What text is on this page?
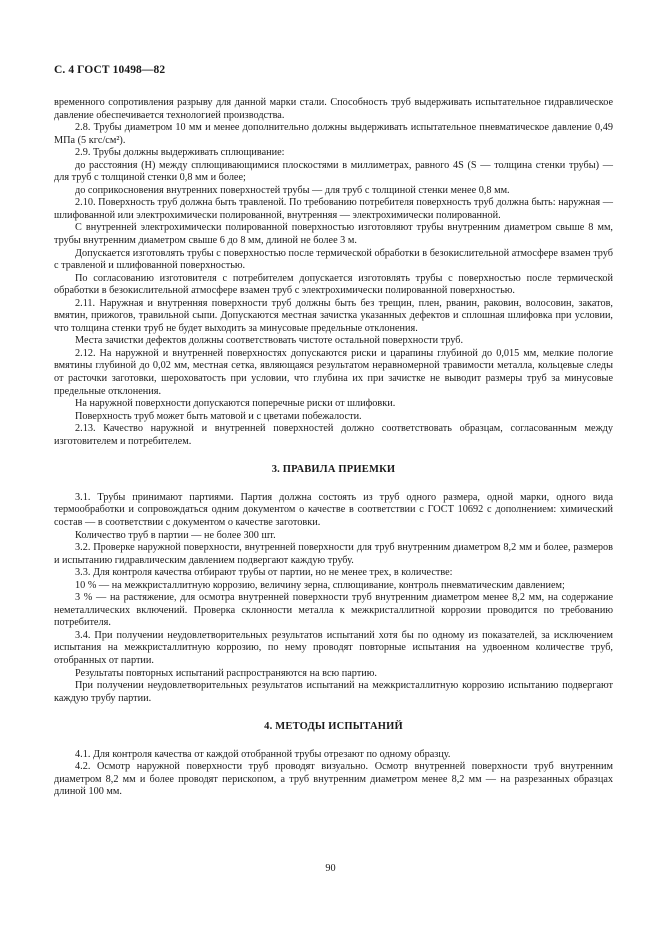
С. 4 ГОСТ 10498—82

временного сопротивления разрыву для данной марки стали. Способность труб выдерживать испытательное гидравлическое давление обеспечивается технологией производства.

2.8. Трубы диаметром 10 мм и менее дополнительно должны выдерживать испытательное пневматическое давление 0,49 МПа (5 кгс/см²).

2.9. Трубы должны выдерживать сплющивание:

до расстояния (H) между сплющивающимися плоскостями в миллиметрах, равного 4S (S — толщина стенки трубы) — для труб с толщиной стенки 0,8 мм и более;

до соприкосновения внутренних поверхностей трубы — для труб с толщиной стенки менее 0,8 мм.

2.10. Поверхность труб должна быть травленой. По требованию потребителя поверхность труб должна быть: наружная — шлифованной или электрохимически полированной, внутренняя — электрохимически полированной.

С внутренней электрохимически полированной поверхностью изготовляют трубы внутренним диаметром свыше 8 мм, трубы внутренним диаметром свыше 6 до 8 мм, длиной не более 3 м.

Допускается изготовлять трубы с поверхностью после термической обработки в безокислительной атмосфере взамен труб с травленой и шлифованной поверхностью.

По согласованию изготовителя с потребителем допускается изготовлять трубы с поверхностью после термической обработки в безокислительной атмосфере взамен труб с электрохимически полированной поверхностью.

2.11. Наружная и внутренняя поверхности труб должны быть без трещин, плен, рванин, раковин, волосовин, закатов, вмятин, прижогов, травильной сыпи. Допускаются местная зачистка указанных дефектов и сплошная шлифовка при условии, что толщина стенки труб не будет выходить за минусовые предельные отклонения.

Места зачистки дефектов должны соответствовать чистоте остальной поверхности труб.

2.12. На наружной и внутренней поверхностях допускаются риски и царапины глубиной до 0,015 мм, мелкие пологие вмятины глубиной до 0,02 мм, местная сетка, являющаяся результатом неравномерной травимости металла, кольцевые следы от расточки заготовки, шероховатость при условии, что глубина их при зачистке не выводит размеры труб за минусовые предельные отклонения.

На наружной поверхности допускаются поперечные риски от шлифовки.

Поверхность труб может быть матовой и с цветами побежалости.

2.13. Качество наружной и внутренней поверхностей должно соответствовать образцам, согласованным между изготовителем и потребителем.

3. ПРАВИЛА ПРИЕМКИ

3.1. Трубы принимают партиями. Партия должна состоять из труб одного размера, одной марки, одного вида термообработки и сопровождаться одним документом о качестве в соответствии с ГОСТ 10692 с дополнением: химический состав — в соответствии с документом о качестве заготовки.

Количество труб в партии — не более 300 шт.

3.2. Проверке наружной поверхности, внутренней поверхности для труб внутренним диаметром 8,2 мм и более, размеров и испытанию гидравлическим давлением подвергают каждую трубу.

3.3. Для контроля качества отбирают трубы от партии, но не менее трех, в количестве:

10 % — на межкристаллитную коррозию, величину зерна, сплющивание, контроль пневматическим давлением;

3 % — на растяжение, для осмотра внутренней поверхности труб внутренним диаметром менее 8,2 мм, на содержание неметаллических включений. Проверка склонности металла к межкристаллитной коррозии проводится по требованию потребителя.

3.4. При получении неудовлетворительных результатов испытаний хотя бы по одному из показателей, за исключением испытания на межкристаллитную коррозию, по нему проводят повторные испытания на удвоенном количестве труб, отобранных от партии.

Результаты повторных испытаний распространяются на всю партию.

При получении неудовлетворительных результатов испытаний на межкристаллитную коррозию испытанию подвергают каждую трубу партии.

4. МЕТОДЫ ИСПЫТАНИЙ

4.1. Для контроля качества от каждой отобранной трубы отрезают по одному образцу.

4.2. Осмотр наружной поверхности труб проводят визуально. Осмотр внутренней поверхности труб внутренним диаметром 8,2 мм и более проводят перископом, а труб внутренним диаметром менее 8,2 мм — на разрезанных образцах длиной 100 мм.

90
